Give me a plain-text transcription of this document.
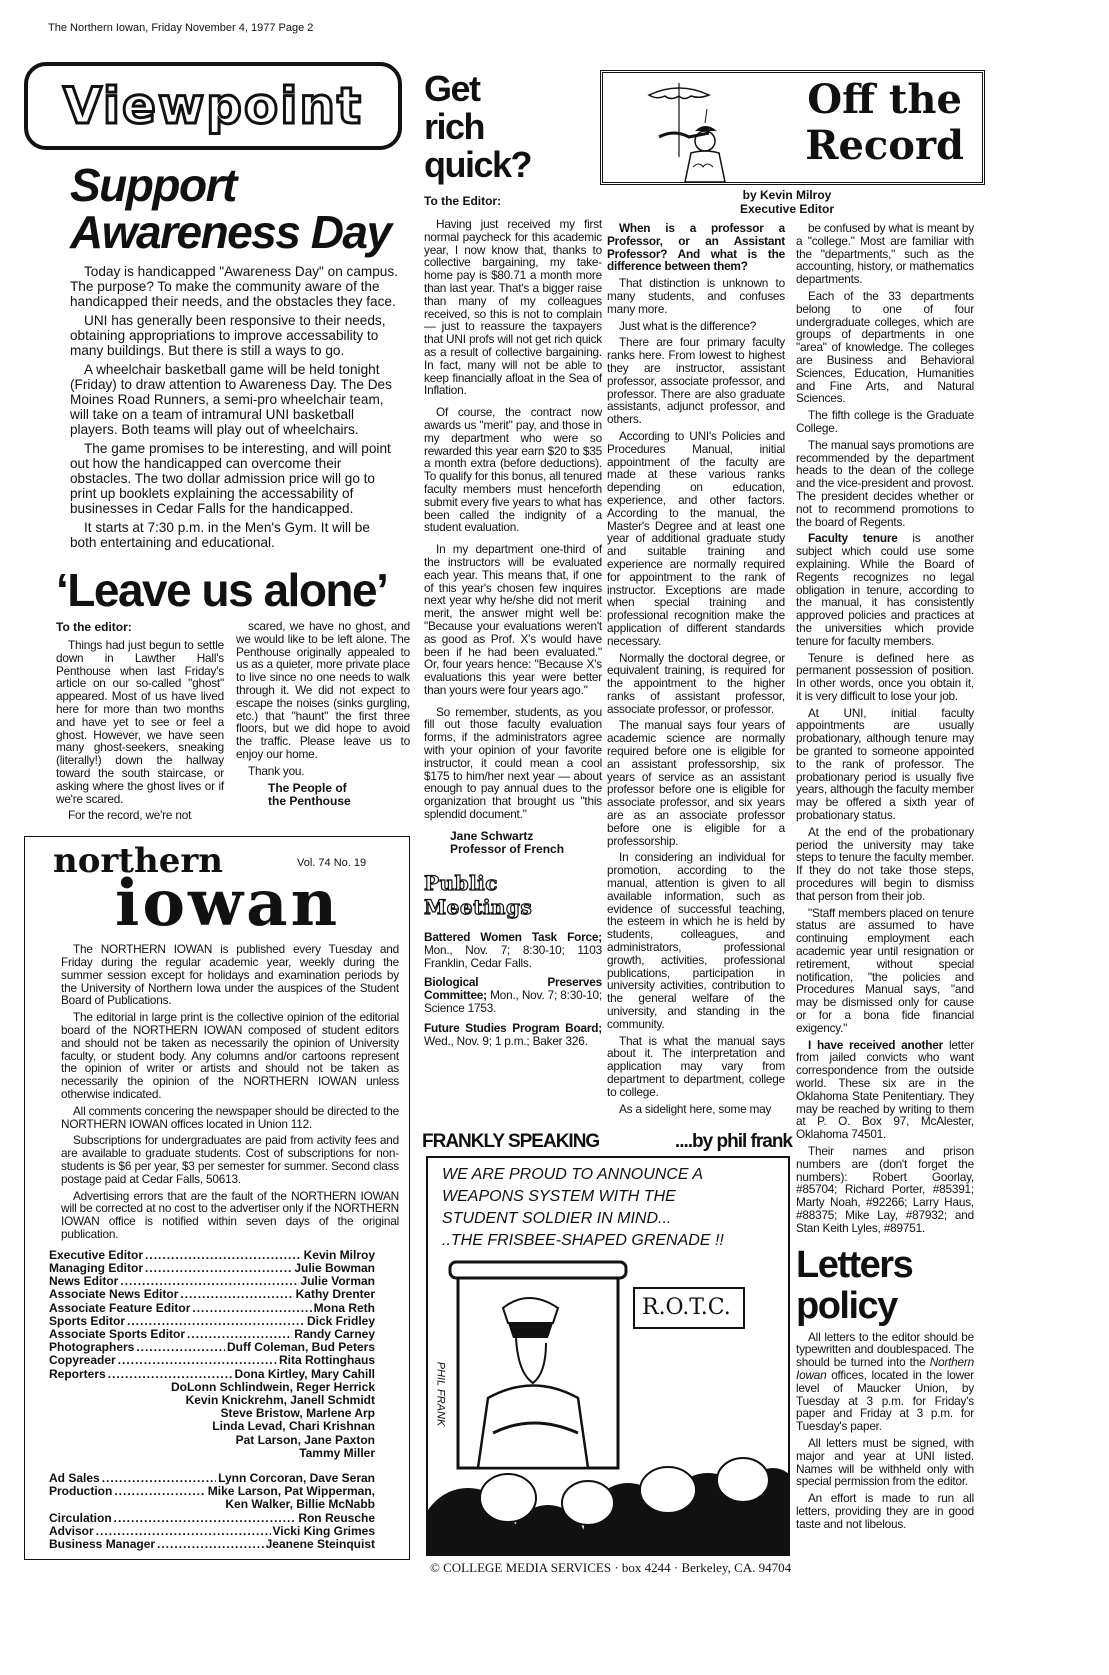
The Northern Iowan, Friday November 4, 1977 Page 2
Viewpoint
Support
Awareness Day

Today is handicapped "Awareness Day" on campus. The purpose? To make the community aware of the handicapped their needs, and the obstacles they face.

UNI has generally been responsive to their needs, obtaining appropriations to improve accessability to many buildings. But there is still a ways to go.

A wheelchair basketball game will be held tonight (Friday) to draw attention to Awareness Day. The Des Moines Road Runners, a semi-pro wheelchair team, will take on a team of intramural UNI basketball players. Both teams will play out of wheelchairs.

The game promises to be interesting, and will point out how the handicapped can overcome their obstacles. The two dollar admission price will go to print up booklets explaining the accessability of businesses in Cedar Falls for the handicapped.

It starts at 7:30 p.m. in the Men's Gym. It will be both entertaining and educational.

‘Leave us alone’
To the editor:

Things had just begun to settle down in Lawther Hall's Penthouse when last Friday's article on our so-called "ghost" appeared. Most of us have lived here for more than two months and have yet to see or feel a ghost. However, we have seen many ghost-seekers, sneaking (literally!) down the hallway toward the south staircase, or asking where the ghost lives or if we're scared.

For the record, we're not

scared, we have no ghost, and we would like to be left alone. The Penthouse originally appealed to us as a quieter, more private place to live since no one needs to walk through it. We did not expect to escape the noises (sinks gurgling, etc.) that "haunt" the first three floors, but we did hope to avoid the traffic. Please leave us to enjoy our home.

Thank you.

The People of
the Penthouse
northern	Vol. 74 No. 19
iowan

The NORTHERN IOWAN is published every Tuesday and Friday during the regular academic year, weekly during the summer session except for holidays and examination periods by the University of Northern Iowa under the auspices of the Student Board of Publications.

The editorial in large print is the collective opinion of the editorial board of the NORTHERN IOWAN composed of student editors and should not be taken as necessarily the opinion of University faculty, or student body. Any columns and/or cartoons represent the opinion of writer or artists and should not be taken as necessarily the opinion of the NORTHERN IOWAN unless otherwise indicated.

All comments concering the newspaper should be directed to the NORTHERN IOWAN offices located in Union 112.

Subscriptions for undergraduates are paid from activity fees and are available to graduate students. Cost of subscriptions for non-students is $6 per year, $3 per semester for summer. Second class postage paid at Cedar Falls, 50613.

Advertising errors that are the fault of the NORTHERN IOWAN will be corrected at no cost to the advertiser only if the NORTHERN IOWAN office is notified within seven days of the original publication.

Executive Editor .....	Kevin Milroy
Managing Editor .....	Julie Bowman
News Editor .....	Julie Vorman
Associate News Editor .....	Kathy Drenter
Associate Feature Editor .....	Mona Reth
Sports Editor .....	Dick Fridley
Associate Sports Editor .....	Randy Carney
Photographers .....	Duff Coleman, Bud Peters
Copyreader .....	Rita Rottinghaus
Reporters .....	Dona Kirtley, Mary Cahill
DoLonn Schlindwein, Reger Herrick
Kevin Knickrehm, Janell Schmidt
Steve Bristow, Marlene Arp
Linda Levad, Chari Krishnan
Pat Larson, Jane Paxton
Tammy Miller
Ad Sales .....	Lynn Corcoran, Dave Seran
Production .....	Mike Larson, Pat Wipperman,
Ken Walker, Billie McNabb
Circulation .....	Ron Reusche
Advisor .....	Vicki King Grimes
Business Manager .....	Jeanene Steinquist
Get
rich
quick?
To the Editor:

Having just received my first normal paycheck for this academic year, I now know that, thanks to collective bargaining, my take-home pay is $80.71 a month more than last year. That's a bigger raise than many of my colleagues received, so this is not to complain — just to reassure the taxpayers that UNI profs will not get rich quick as a result of collective bargaining. In fact, many will not be able to keep financially afloat in the Sea of Inflation.

Of course, the contract now awards us "merit" pay, and those in my department who were so rewarded this year earn $20 to $35 a month extra (before deductions). To qualify for this bonus, all tenured faculty members must henceforth submit every five years to what has been called the indignity of a student evaluation.

In my department one-third of the instructors will be evaluated each year. This means that, if one of this year's chosen few inquires next year why he/she did not merit merit, the answer might well be: "Because your evaluations weren't as good as Prof. X's would have been if he had been evaluated." Or, four years hence: "Because X's evaluations this year were better than yours were four years ago."

So remember, students, as you fill out those faculty evaluation forms, if the administrators agree with your opinion of your favorite instructor, it could mean a cool $175 to him/her next year — about enough to pay annual dues to the organization that brought us "this splendid document."

Jane Schwartz
Professor of French
Public Meetings

Battered Women Task Force; Mon., Nov. 7; 8:30-10; 1103 Franklin, Cedar Falls.

Biological Preserves Committee; Mon., Nov. 7; 8:30-10; Science 1753.

Future Studies Program Board; Wed., Nov. 9; 1 p.m.; Baker 326.

Off the
Record
by Kevin Milroy
Executive Editor

When is a professor a Professor, or an Assistant Professor? And what is the difference between them?

That distinction is unknown to many students, and confuses many more.

Just what is the difference?

There are four primary faculty ranks here. From lowest to highest they are instructor, assistant professor, associate professor, and professor. There are also graduate assistants, adjunct professor, and others.

According to UNI's Policies and Procedures Manual, initial appointment of the faculty are made at these various ranks depending on education, experience, and other factors. According to the manual, the Master's Degree and at least one year of additional graduate study and suitable training and experience are normally required for appointment to the rank of instructor. Exceptions are made when special training and professional recognition make the application of different standards necessary.

Normally the doctoral degree, or equivalent training, is required for the appointment to the higher ranks of assistant professor, associate professor, or professor.

The manual says four years of academic science are normally required before one is eligible for an assistant professorship, six years of service as an assistant professor before one is eligible for associate professor, and six years are as an associate professor before one is eligible for a professorship.

In considering an individual for promotion, according to the manual, attention is given to all available information, such as evidence of successful teaching, the esteem in which he is held by students, colleagues, and administrators, professional growth, activities, professional publications, participation in university activities, contribution to the general welfare of the university, and standing in the community.

That is what the manual says about it. The interpretation and application may vary from department to department, college to college.

As a sidelight here, some may

be confused by what is meant by a "college." Most are familiar with the "departments," such as the accounting, history, or mathematics departments.

Each of the 33 departments belong to one of four undergraduate colleges, which are groups of departments in one "area" of knowledge. The colleges are Business and Behavioral Sciences, Education, Humanities and Fine Arts, and Natural Sciences.

The fifth college is the Graduate College.

The manual says promotions are recommended by the department heads to the dean of the college and the vice-president and provost. The president decides whether or not to recommend promotions to the board of Regents.

Faculty tenure is another subject which could use some explaining. While the Board of Regents recognizes no legal obligation in tenure, according to the manual, it has consistently approved policies and practices at the universities which provide tenure for faculty members.

Tenure is defined here as permanent possession of position. In other words, once you obtain it, it is very difficult to lose your job.

At UNI, initial faculty appointments are usually probationary, although tenure may be granted to someone appointed to the rank of professor. The probationary period is usually five years, although the faculty member may be offered a sixth year of probationary status.

At the end of the probationary period the university may take steps to tenure the faculty member. If they do not take those steps, procedures will begin to dismiss that person from their job.

"Staff members placed on tenure status are assumed to have continuing employment each academic year until resignation or retirement, without special notification, "the policies and Procedures Manual says, "and may be dismissed only for cause or for a bona fide financial exigency."

I have received another letter from jailed convicts who want correspondence from the outside world. These six are in the Oklahoma State Penitentiary. They may be reached by writing to them at P. O. Box 97, McAlester, Oklahoma 74501.

Their names and prison numbers are (don't forget the numbers): Robert Goorlay, #85704; Richard Porter, #85391; Marty Noah, #92266; Larry Haus, #88375; Mike Lay, #87932; and Stan Keith Lyles, #89751.

Letters
policy

All letters to the editor should be typewritten and doublespaced. The should be turned into the Northern Iowan offices, located in the lower level of Maucker Union, by Tuesday at 3 p.m. for Friday's paper and Friday at 3 p.m. for Tuesday's paper.

All letters must be signed, with major and year at UNI listed. Names will be withheld only with special permission from the editor.

An effort is made to run all letters, providing they are in good taste and not libelous.

FRANKLY SPEAKING	....by phil frank
WE ARE PROUD TO ANNOUNCE A
WEAPONS SYSTEM WITH THE
STUDENT SOLDIER IN MIND...
..THE FRISBEE-SHAPED GRENADE !!
R.O.T.C.
PHIL FRANK
© COLLEGE MEDIA SERVICES · box 4244 · Berkeley, CA. 94704
